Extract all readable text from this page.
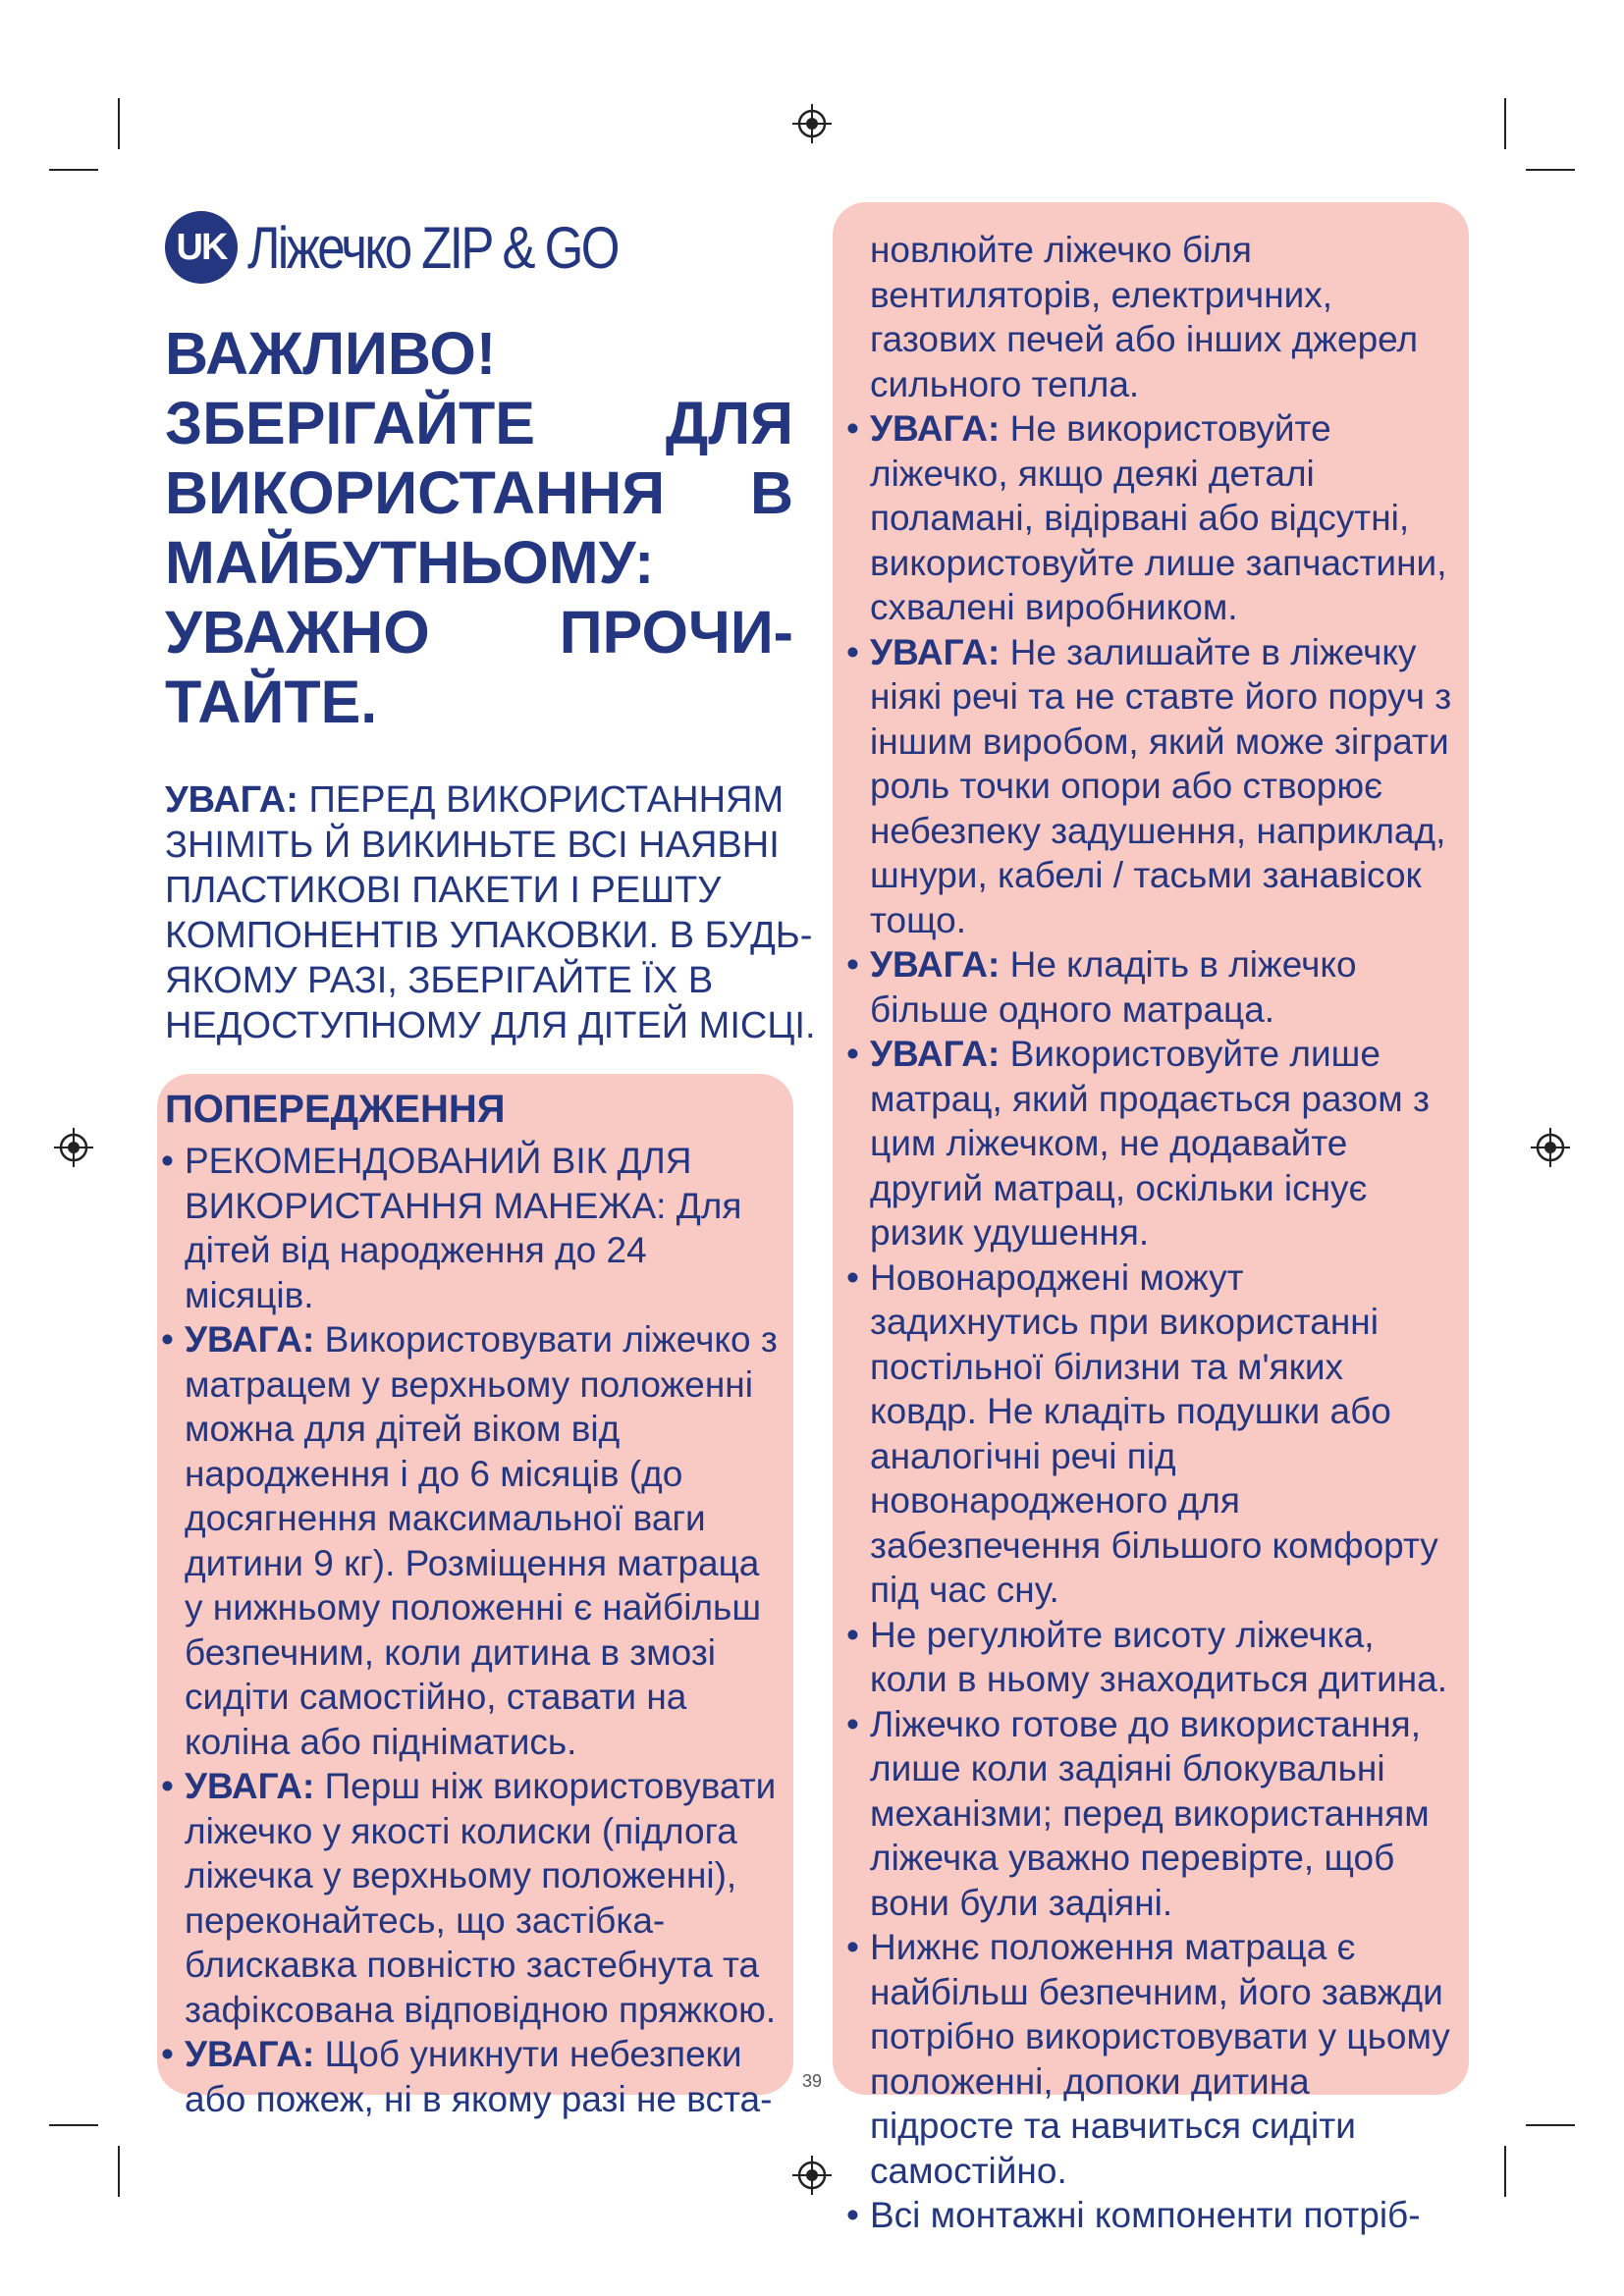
UK Ліжечко ZIP & GO
ВАЖЛИВО! ЗБЕРІГАЙТЕ ДЛЯ ВИКОРИСТАННЯ В МАЙБУТНЬОМУ: УВАЖНО ПРОЧИ-ТАЙТЕ.
УВАГА: ПЕРЕД ВИКОРИСТАННЯМ ЗНІМІТЬ Й ВИКИНЬТЕ ВСІ НАЯВНІ ПЛАСТИКОВІ ПАКЕТИ І РЕШТУ КОМПОНЕНТІВ УПАКОВКИ. В БУДЬ-ЯКОМУ РАЗІ, ЗБЕРІГАЙТЕ ЇХ В НЕДОСТУПНОМУ ДЛЯ ДІТЕЙ МІСЦІ.
ПОПЕРЕДЖЕННЯ

• РЕКОМЕНДОВАНИЙ ВІК ДЛЯ ВИКОРИСТАННЯ МАНЕЖА: Для дітей від народження до 24 місяців.

• УВАГА: Використовувати ліжечко з матрацем у верхньому положенні можна для дітей віком від народження і до 6 місяців (до досягнення максимальної ваги дитини 9 кг). Розміщення матраца у нижньому положенні є найбільш безпечним, коли дитина в змозі сидіти самостійно, ставати на коліна або підніматись.

• УВАГА: Перш ніж використовувати ліжечко у якості колиски (підлога ліжечка у верхньому положенні), переконайтесь, що застібка-блискавка повністю застебнута та зафіксована відповідною пряжкою.

• УВАГА: Щоб уникнути небезпеки або пожеж, ні в якому разі не вста-

новлюйте ліжечко біля вентиляторів, електричних, газових печей або інших джерел сильного тепла.

• УВАГА: Не використовуйте ліжечко, якщо деякі деталі поламані, відірвані або відсутні, використовуйте лише запчастини, схвалені виробником.

• УВАГА: Не залишайте в ліжечку ніякі речі та не ставте його поруч з іншим виробом, який може зіграти роль точки опори або створює небезпеку задушення, наприклад, шнури, кабелі / тасьми занавісок тощо.

• УВАГА: Не кладіть в ліжечко більше одного матраца.

• УВАГА: Використовуйте лише матрац, який продається разом з цим ліжечком, не додавайте другий матрац, оскільки існує ризик удушення.

• Новонароджені можут задихнутись при використанні постільної білизни та м'яких ковдр. Не кладіть подушки або аналогічні речі під новонародженого для забезпечення більшого комфорту під час сну.

• Не регулюйте висоту ліжечка, коли в ньому знаходиться дитина.

• Ліжечко готове до використання, лише коли задіяні блокувальні механізми; перед використанням ліжечка уважно перевірте, щоб вони були задіяні.

• Нижнє положення матраца є найбільш безпечним, його завжди потрібно використовувати у цьому положенні, допоки дитина підросте та навчиться сидіти самостійно.

• Всі монтажні компоненти потріб-

39
